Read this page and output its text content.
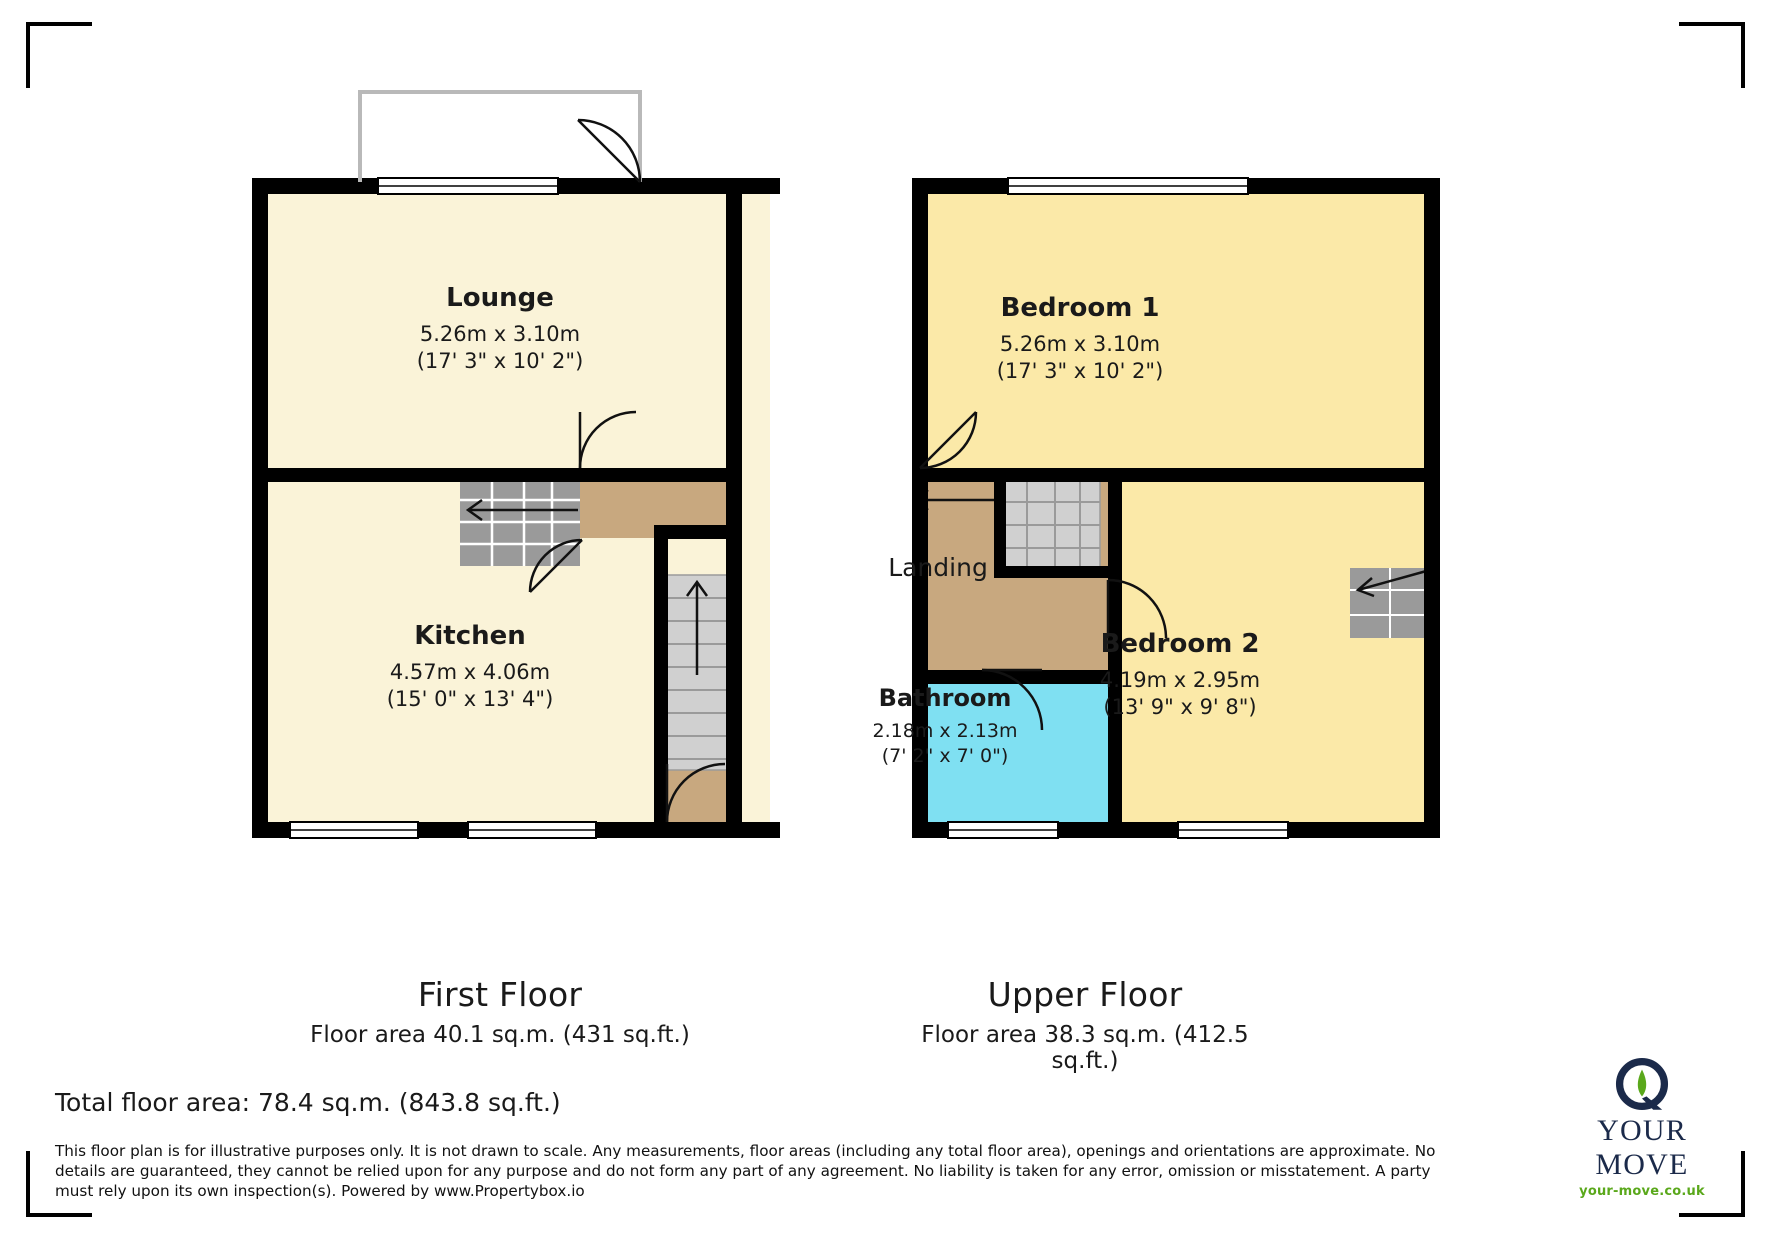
Lounge
5.26m x 3.10m
(17' 3" x 10' 2")
Kitchen
4.57m x 4.06m
(15' 0" x 13' 4")
First Floor
Floor area 40.1 sq.m. (431 sq.ft.)
Bedroom 1
5.26m x 3.10m
(17' 3" x 10' 2")
Bedroom 2
4.19m x 2.95m
(13' 9" x 9' 8")
Bathroom
2.18m x 2.13m
(7' 2" x 7' 0")
Landing
Upper Floor
Floor area 38.3 sq.m. (412.5 sq.ft.)
Total floor area: 78.4 sq.m. (843.8 sq.ft.)
This floor plan is for illustrative purposes only. It is not drawn to scale. Any measurements, floor areas (including any total floor area), openings and orientations are approximate. No details are guaranteed, they cannot be relied upon for any purpose and do not form any part of any agreement. No liability is taken for any error, omission or misstatement. A party must rely upon its own inspection(s). Powered by www.Propertybox.io
YOUR MOVE
your-move.co.uk
